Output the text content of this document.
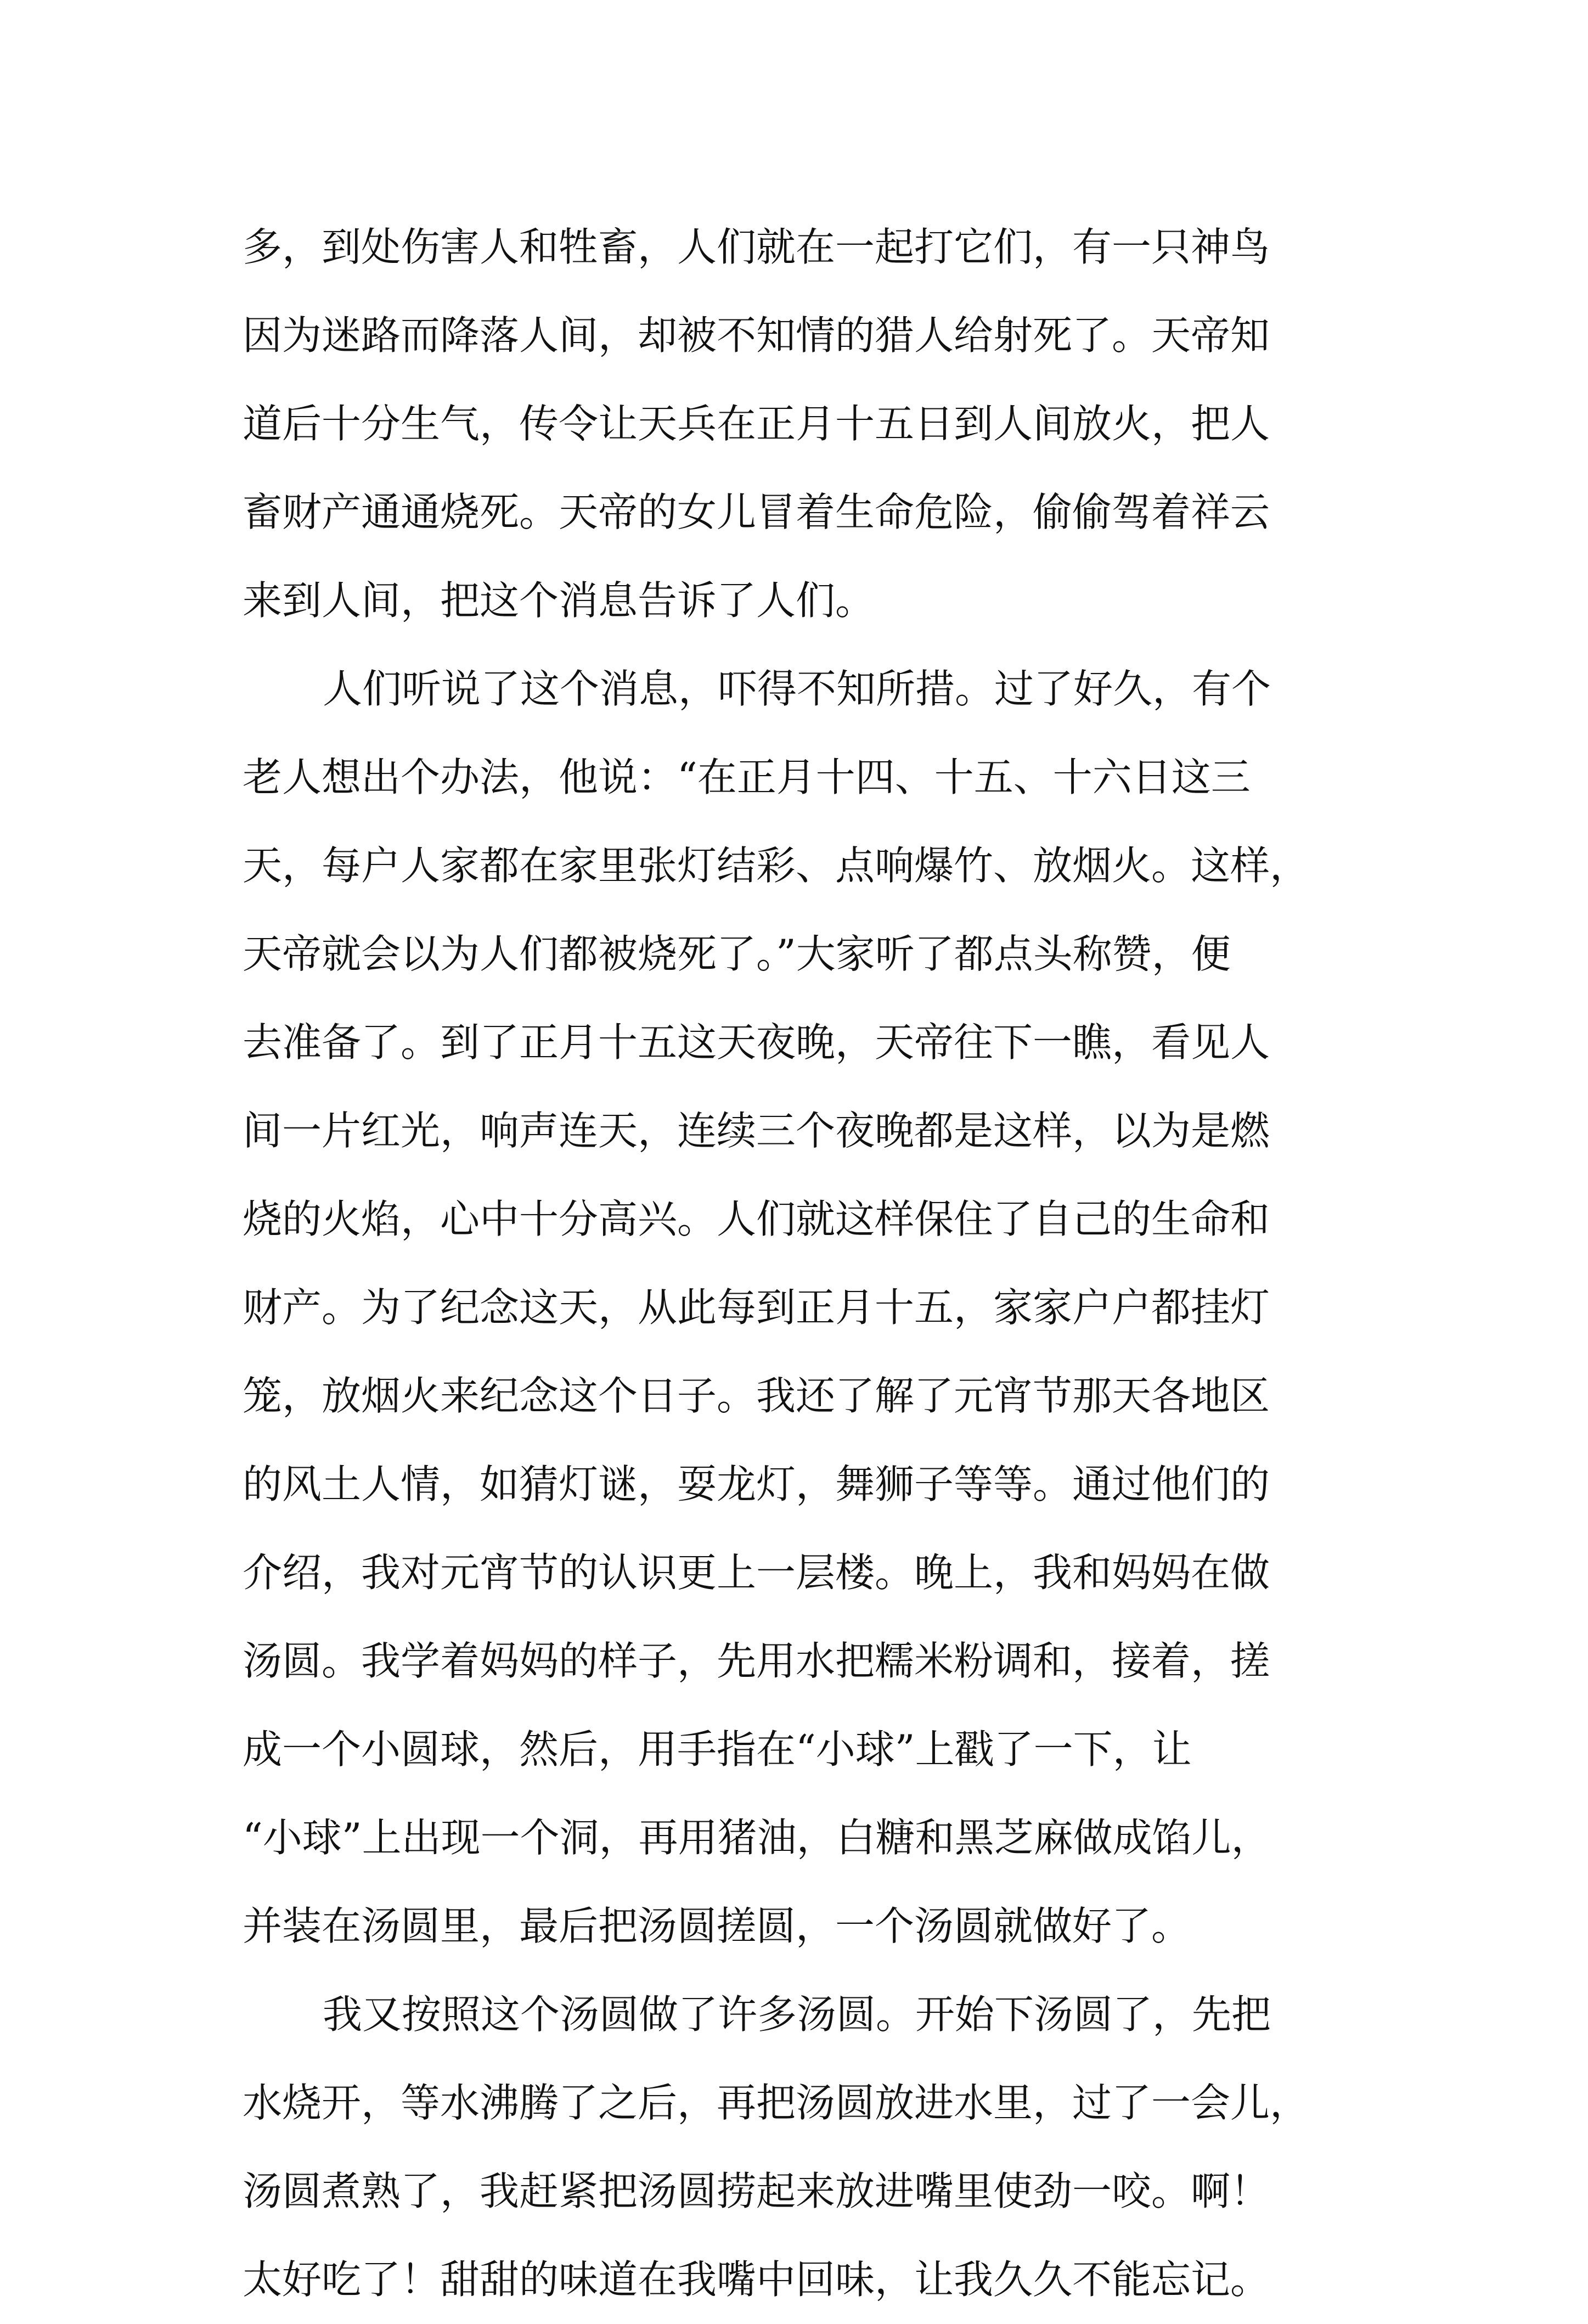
多，到处伤害人和牲畜，人们就在一起打它们，有一只神鸟
因为迷路而降落人间，却被不知情的猎人给射死了。天帝知
道后十分生气，传令让天兵在正月十五日到人间放火，把人
畜财产通通烧死。天帝的女儿冒着生命危险，偷偷驾着祥云
来到人间，把这个消息告诉了人们。
人们听说了这个消息，吓得不知所措。过了好久，有个
老人想出个办法，他说：“在正月十四、十五、十六日这三
天，每户人家都在家里张灯结彩、点响爆竹、放烟火。这样，
天帝就会以为人们都被烧死了。”大家听了都点头称赞，便
去准备了。到了正月十五这天夜晚，天帝往下一瞧，看见人
间一片红光，响声连天，连续三个夜晚都是这样，以为是燃
烧的火焰，心中十分高兴。人们就这样保住了自己的生命和
财产。为了纪念这天，从此每到正月十五，家家户户都挂灯
笼，放烟火来纪念这个日子。我还了解了元宵节那天各地区
的风土人情，如猜灯谜，耍龙灯，舞狮子等等。通过他们的
介绍，我对元宵节的认识更上一层楼。晚上，我和妈妈在做
汤圆。我学着妈妈的样子，先用水把糯米粉调和，接着，搓
成一个小圆球，然后，用手指在“小球”上戳了一下，让
“小球”上出现一个洞，再用猪油，白糖和黑芝麻做成馅儿，
并装在汤圆里，最后把汤圆搓圆，一个汤圆就做好了。
我又按照这个汤圆做了许多汤圆。开始下汤圆了，先把
水烧开，等水沸腾了之后，再把汤圆放进水里，过了一会儿，
汤圆煮熟了，我赶紧把汤圆捞起来放进嘴里使劲一咬。啊！
太好吃了！甜甜的味道在我嘴中回味，让我久久不能忘记。
